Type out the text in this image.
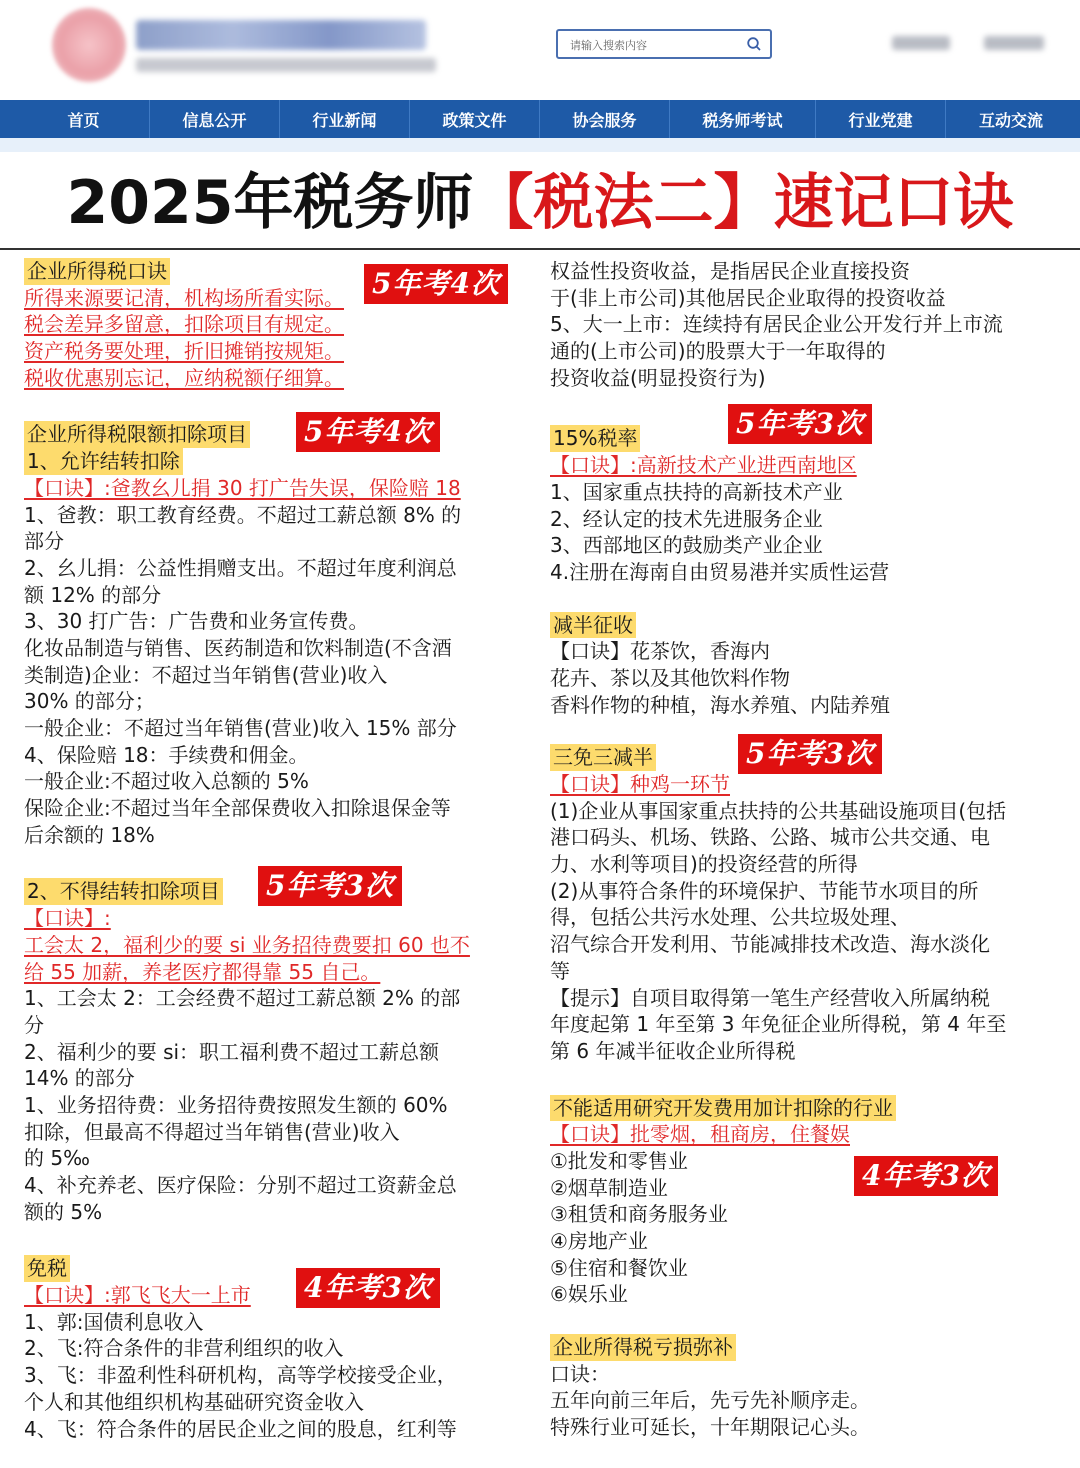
请输入搜索内容
首页	信息公开	行业新闻	政策文件	协会服务	税务师考试	行业党建	互动交流
2025年税务师【税法二】速记口诀
企业所得税口诀
所得来源要记清，机构场所看实际。
税会差异多留意，扣除项目有规定。
资产税务要处理，折旧摊销按规矩。
税收优惠别忘记，应纳税额仔细算。
企业所得税限额扣除项目
1、允许结转扣除
【口诀】:爸教幺儿捐 30 打广告失误，保险赔 18
1、爸教：职工教育经费。不超过工薪总额 8% 的
部分
2、幺儿捐：公益性捐赠支出。不超过年度利润总
额 12% 的部分
3、30 打广告：广告费和业务宣传费。
化妆品制造与销售、医药制造和饮料制造(不含酒
类制造)企业：不超过当年销售(营业)收入
30% 的部分；
一般企业：不超过当年销售(营业)收入 15% 部分
4、保险赔 18：手续费和佣金。
一般企业:不超过收入总额的 5%
保险企业:不超过当年全部保费收入扣除退保金等
后余额的 18%
2、不得结转扣除项目
【口诀】:
工会太 2，福利少的要 si 业务招待费要扣 60 也不
给 55 加薪，养老医疗都得靠 55 自己。
1、工会太 2：工会经费不超过工薪总额 2% 的部
分
2、福利少的要 si：职工福利费不超过工薪总额
14% 的部分
1、业务招待费：业务招待费按照发生额的 60%
扣除，但最高不得超过当年销售(营业)收入
的 5‰
4、补充养老、医疗保险：分别不超过工资薪金总
额的 5%
免税
【口诀】:郭飞飞大一上市
1、郭:国债利息收入
2、飞:符合条件的非营利组织的收入
3、飞：非盈利性科研机构，高等学校接受企业，
个人和其他组织机构基础研究资金收入
4、飞：符合条件的居民企业之间的股息，红利等
权益性投资收益，是指居民企业直接投资
于(非上市公司)其他居民企业取得的投资收益
5、大一上市：连续持有居民企业公开发行并上市流
通的(上市公司)的股票大于一年取得的
投资收益(明显投资行为)
15%税率
【口诀】:高新技术产业进西南地区
1、国家重点扶持的高新技术产业
2、经认定的技术先进服务企业
3、西部地区的鼓励类产业企业
4.注册在海南自由贸易港并实质性运营
减半征收
【口诀】花茶饮，香海内
花卉、茶以及其他饮料作物
香料作物的种植，海水养殖、内陆养殖
三免三减半
【口诀】种鸡一环节
(1)企业从事国家重点扶持的公共基础设施项目(包括
港口码头、机场、铁路、公路、城市公共交通、电
力、水利等项目)的投资经营的所得
(2)从事符合条件的环境保护、节能节水项目的所
得，包括公共污水处理、公共垃圾处理、
沼气综合开发利用、节能减排技术改造、海水淡化
等
【提示】自项目取得第一笔生产经营收入所属纳税
年度起第 1 年至第 3 年免征企业所得税，第 4 年至
第 6 年减半征收企业所得税
不能适用研究开发费用加计扣除的行业
【口诀】批零烟，租商房，住餐娱
①批发和零售业
②烟草制造业
③租赁和商务服务业
④房地产业
⑤住宿和餐饮业
⑥娱乐业
企业所得税亏损弥补
口诀：
五年向前三年后，先亏先补顺序走。
特殊行业可延长，十年期限记心头。
5年考4次
5年考4次
5年考3次
4年考3次
5年考3次
5年考3次
4年考3次
